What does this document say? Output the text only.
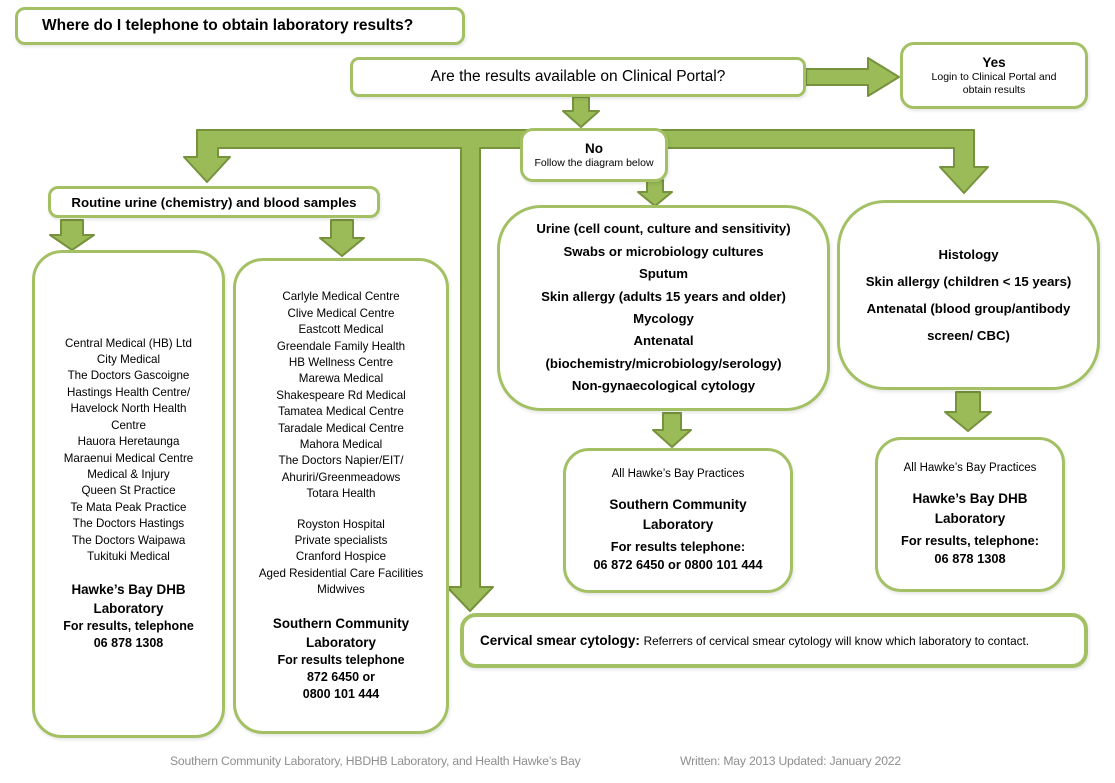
Where do I telephone to obtain laboratory results?
Are the results available on Clinical Portal?
Yes
Login to Clinical Portal and obtain results
No
Follow the diagram below
Routine urine (chemistry) and blood samples
Central Medical (HB) Ltd
City Medical
The Doctors Gascoigne
Hastings Health Centre/
Havelock North Health
Centre
Hauora Heretaunga
Maraenui Medical Centre
Medical & Injury
Queen St Practice
Te Mata Peak Practice
The Doctors Hastings
The Doctors Waipawa
Tukituki Medical
Hawke’s Bay DHB
Laboratory
For results, telephone
06 878 1308
Carlyle Medical Centre
Clive Medical Centre
Eastcott Medical
Greendale Family Health
HB Wellness Centre
Marewa Medical
Shakespeare Rd Medical
Tamatea Medical Centre
Taradale Medical Centre
Mahora Medical
The Doctors Napier/EIT/
Ahuriri/Greenmeadows
Totara Health
Royston Hospital
Private specialists
Cranford Hospice
Aged Residential Care Facilities
Midwives
Southern Community
Laboratory
For results telephone
872 6450 or
0800 101 444
Urine (cell count, culture and sensitivity)
Swabs or microbiology cultures
Sputum
Skin allergy (adults 15 years and older)
Mycology
Antenatal
(biochemistry/microbiology/serology)
Non-gynaecological cytology
Histology
Skin allergy (children < 15 years)
Antenatal (blood group/antibody
screen/ CBC)
All Hawke’s Bay Practices
Southern Community
Laboratory
For results telephone:
06 872 6450 or 0800 101 444
All Hawke’s Bay Practices
Hawke’s Bay DHB
Laboratory
For results, telephone:
06 878 1308
Cervical smear cytology: Referrers of cervical smear cytology will know which laboratory to contact.
Southern Community Laboratory, HBDHB Laboratory, and Health Hawke’s Bay	Written: May 2013 Updated: January 2022
